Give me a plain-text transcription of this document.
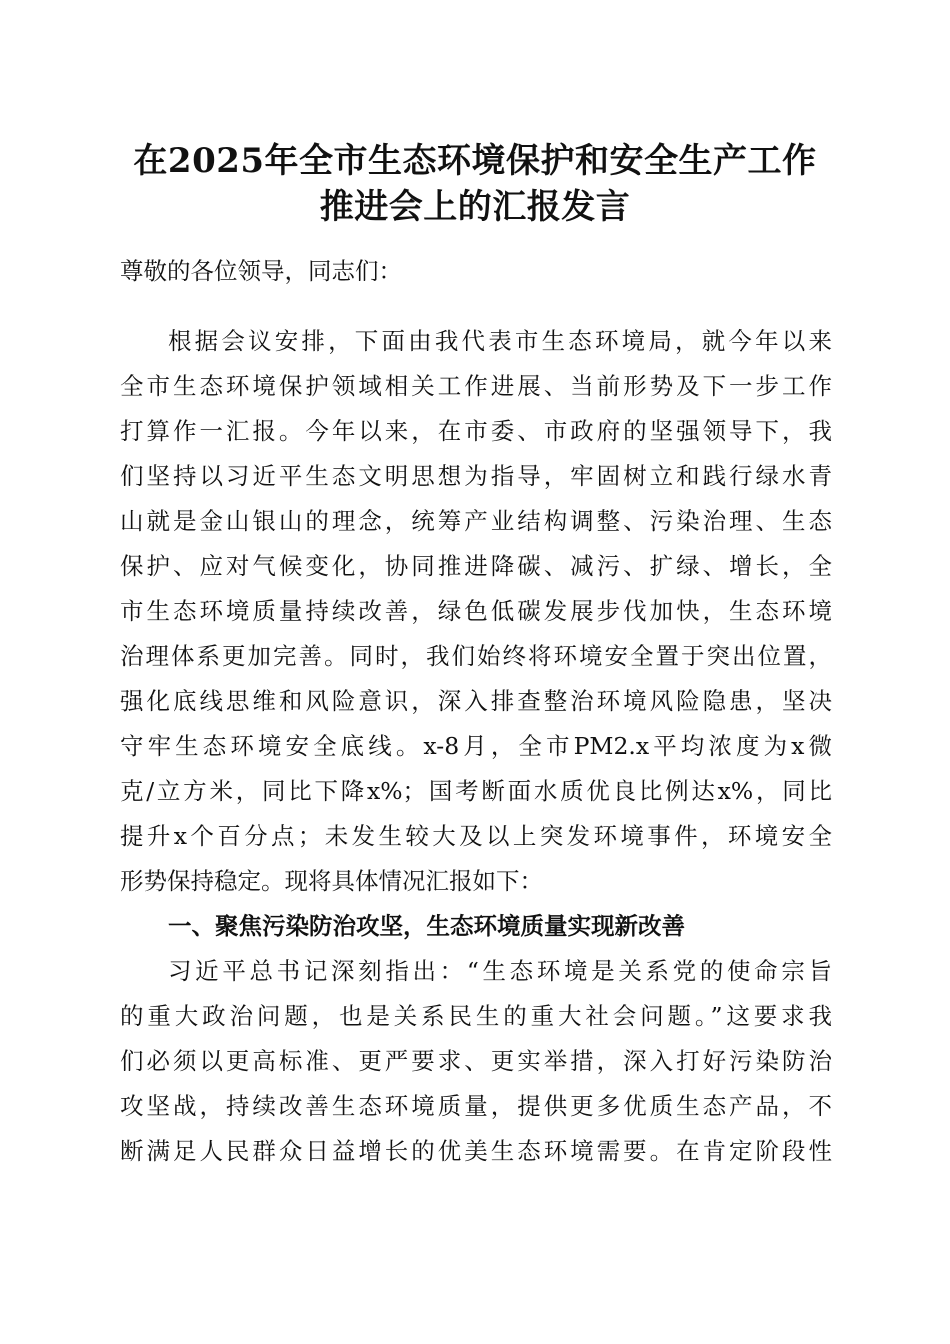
在2025年全市生态环境保护和安全生产工作
推进会上的汇报发言

尊敬的各位领导，同志们：

根据会议安排，下面由我代表市生态环境局，就今年以来

全市生态环境保护领域相关工作进展、当前形势及下一步工作

打算作一汇报。今年以来，在市委、市政府的坚强领导下，我

们坚持以习近平生态文明思想为指导，牢固树立和践行绿水青

山就是金山银山的理念，统筹产业结构调整、污染治理、生态

保护、应对气候变化，协同推进降碳、减污、扩绿、增长，全

市生态环境质量持续改善，绿色低碳发展步伐加快，生态环境

治理体系更加完善。同时，我们始终将环境安全置于突出位置，

强化底线思维和风险意识，深入排查整治环境风险隐患，坚决

守牢生态环境安全底线。x-8月，全市PM2.x平均浓度为x微

克/立方米，同比下降x%；国考断面水质优良比例达x%，同比

提升x个百分点；未发生较大及以上突发环境事件，环境安全

形势保持稳定。现将具体情况汇报如下：

一、聚焦污染防治攻坚，生态环境质量实现新改善

习近平总书记深刻指出：“生态环境是关系党的使命宗旨

的重大政治问题，也是关系民生的重大社会问题。”这要求我

们必须以更高标准、更严要求、更实举措，深入打好污染防治

攻坚战，持续改善生态环境质量，提供更多优质生态产品，不

断满足人民群众日益增长的优美生态环境需要。在肯定阶段性
